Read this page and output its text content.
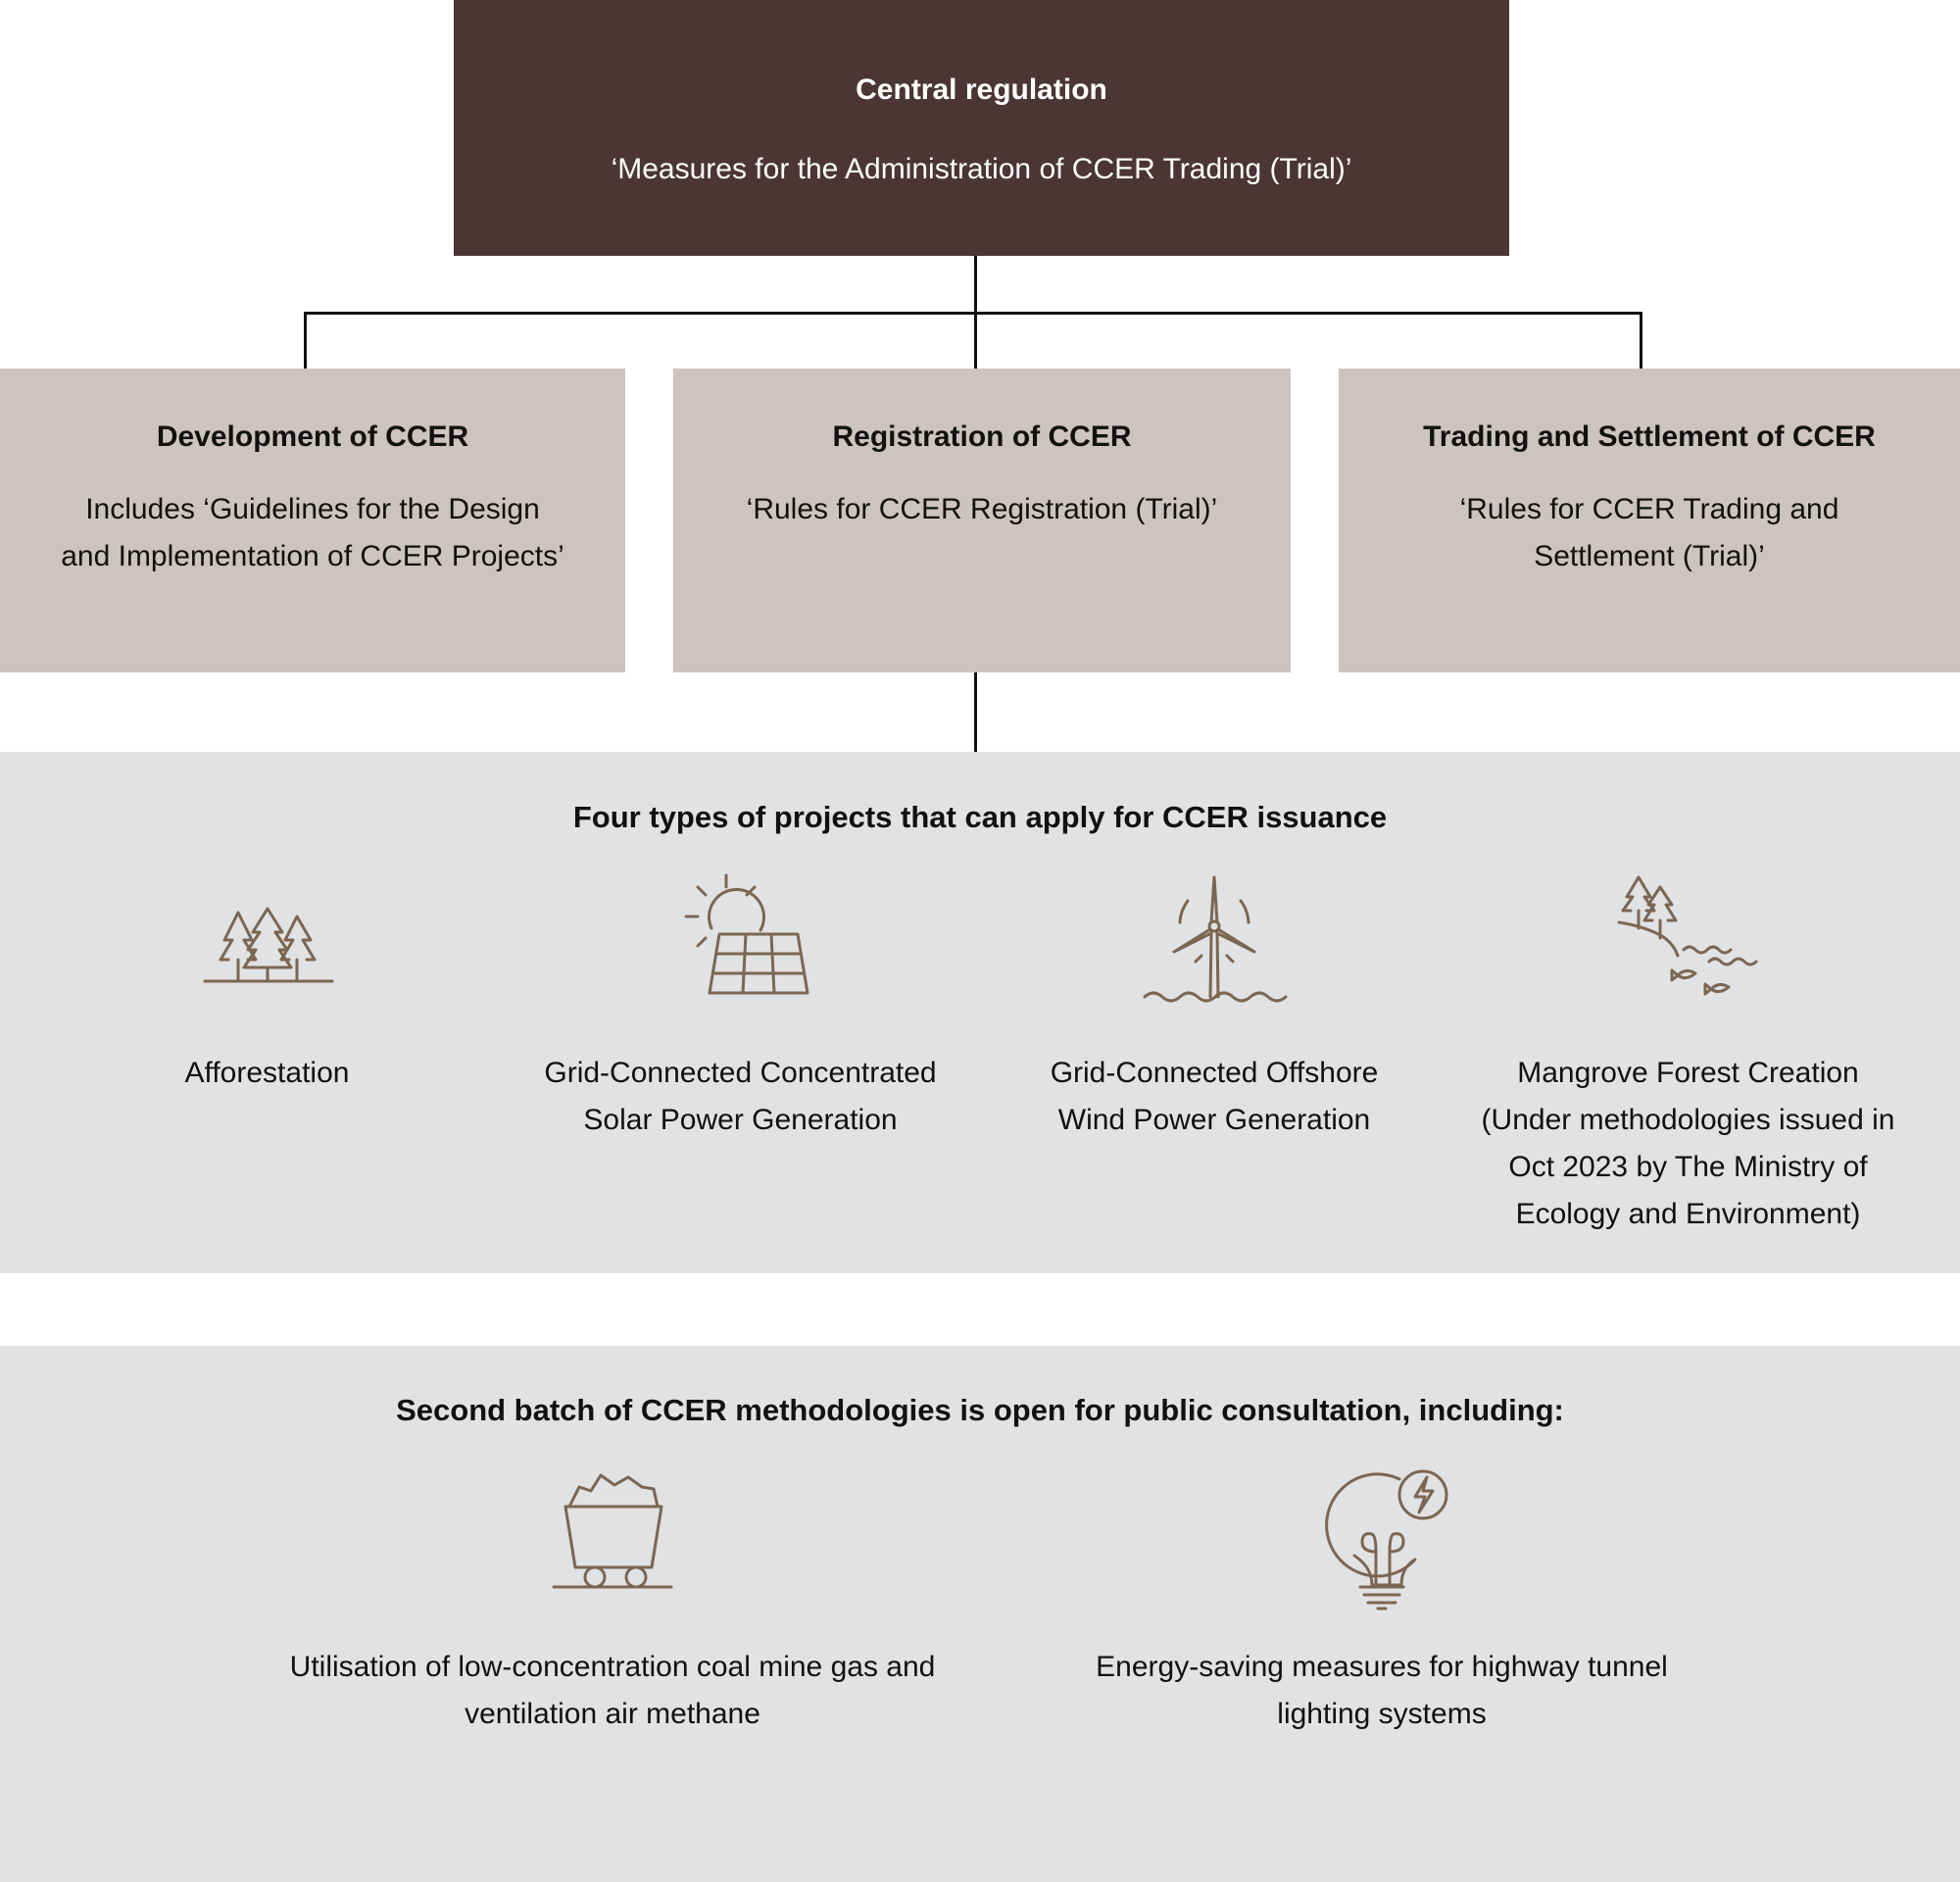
Central regulation
‘Measures for the Administration of CCER Trading (Trial)’
Development of CCER
Includes ‘Guidelines for the Design and Implementation of CCER Projects’
Registration of CCER
‘Rules for CCER Registration (Trial)’
Trading and Settlement of CCER
‘Rules for CCER Trading and Settlement (Trial)’
Four types of projects that can apply for CCER issuance
Afforestation	Grid-Connected Concentrated Solar Power Generation
Grid-Connected Offshore Wind Power Generation
Mangrove Forest Creation (Under methodologies issued in Oct 2023 by The Ministry of Ecology and Environment)
Second batch of CCER methodologies is open for public consultation, including:
Utilisation of low-concentration coal mine gas and ventilation air methane
Energy-saving measures for highway tunnel lighting systems
